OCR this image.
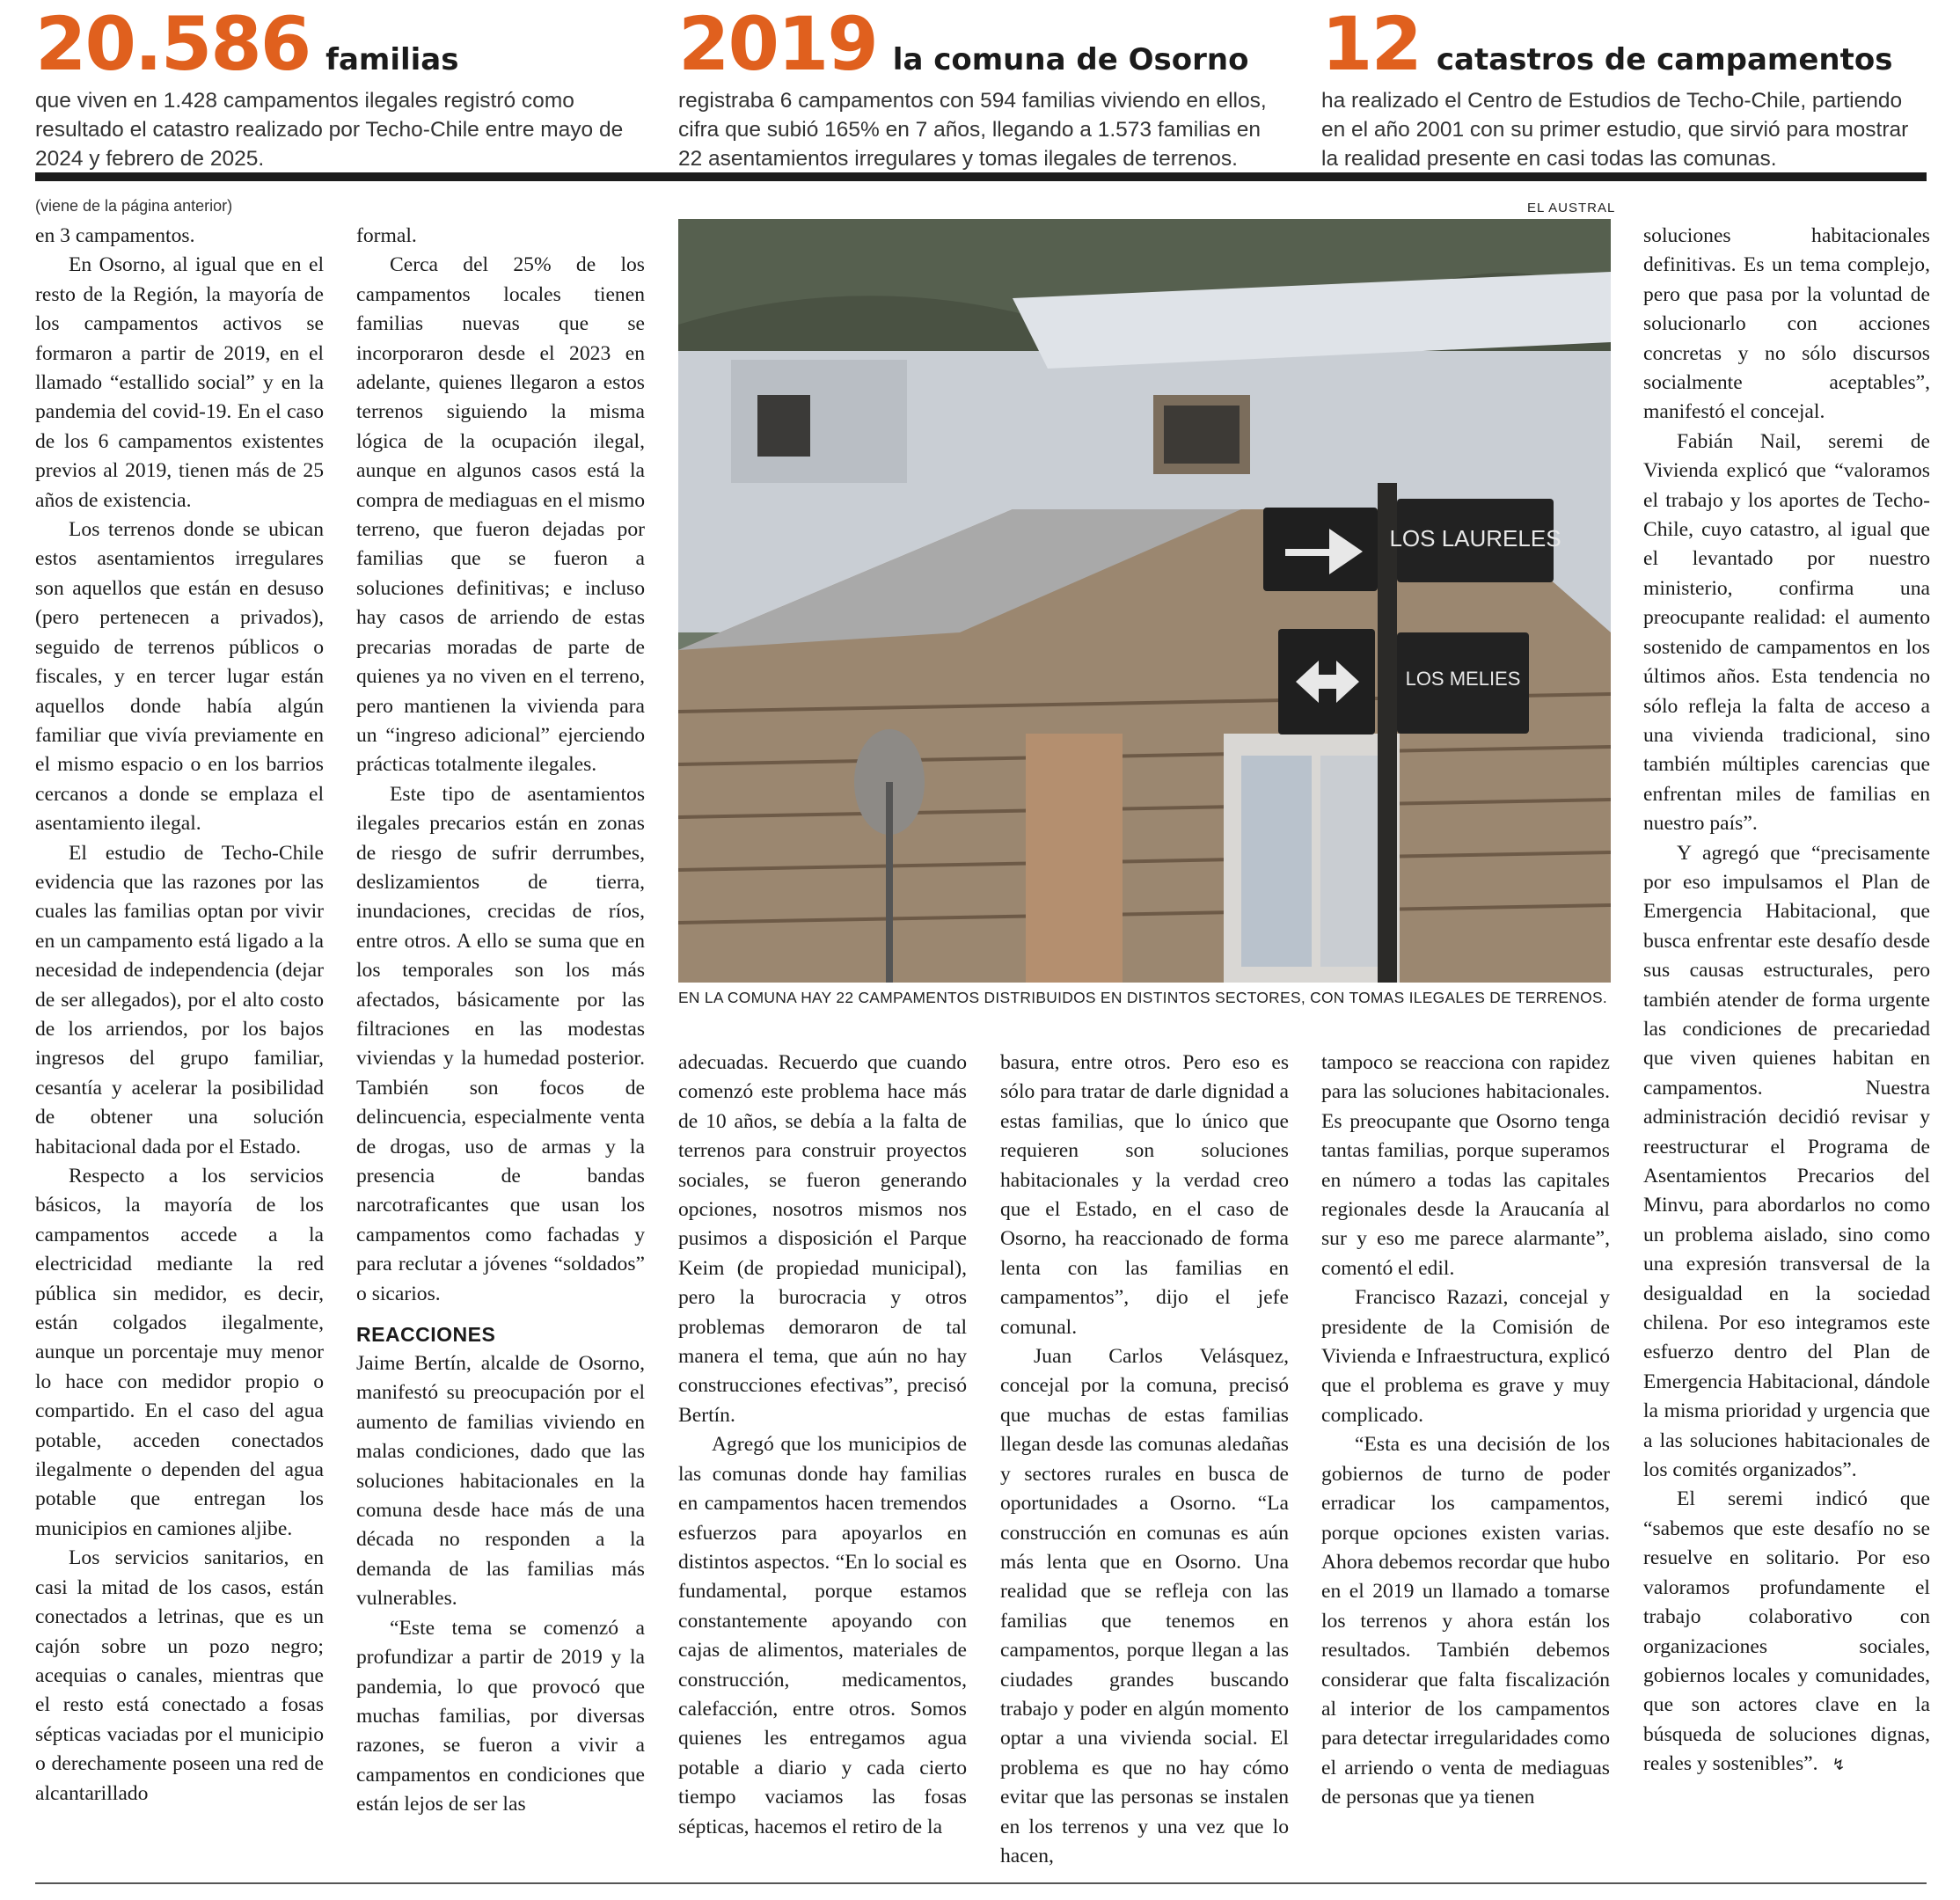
20.586 familias
que viven en 1.428 campamentos ilegales registró como resultado el catastro realizado por Techo-Chile entre mayo de 2024 y febrero de 2025.
2019 la comuna de Osorno
registraba 6 campamentos con 594 familias viviendo en ellos, cifra que subió 165% en 7 años, llegando a 1.573 familias en 22 asentamientos irregulares y tomas ilegales de terrenos.
12 catastros de campamentos
ha realizado el Centro de Estudios de Techo-Chile, partiendo en el año 2001 con su primer estudio, que sirvió para mostrar la realidad presente en casi todas las comunas.
(viene de la página anterior)	EL AUSTRAL

en 3 campamentos.

En Osorno, al igual que en el resto de la Región, la mayoría de los campamentos activos se formaron a partir de 2019, en el llamado “estallido social” y en la pandemia del covid-19. En el caso de los 6 campamentos existentes previos al 2019, tienen más de 25 años de existencia.

Los terrenos donde se ubican estos asentamientos irregulares son aquellos que están en desuso (pero pertenecen a privados), seguido de terrenos públicos o fiscales, y en tercer lugar están aquellos donde había algún familiar que vivía previamente en el mismo espacio o en los barrios cercanos a donde se emplaza el asentamiento ilegal.

El estudio de Techo-Chile evidencia que las razones por las cuales las familias optan por vivir en un campamento está ligado a la necesidad de independencia (dejar de ser allegados), por el alto costo de los arriendos, por los bajos ingresos del grupo familiar, cesantía y acelerar la posibilidad de obtener una solución habitacional dada por el Estado.

Respecto a los servicios básicos, la mayoría de los campamentos accede a la electricidad mediante la red pública sin medidor, es decir, están colgados ilegalmente, aunque un porcentaje muy menor lo hace con medidor propio o compartido. En el caso del agua potable, acceden conectados ilegalmente o dependen del agua potable que entregan los municipios en camiones aljibe.

Los servicios sanitarios, en casi la mitad de los casos, están conectados a letrinas, que es un cajón sobre un pozo negro; acequias o canales, mientras que el resto está conectado a fosas sépticas vaciadas por el municipio o derechamente poseen una red de alcantarillado

formal.

Cerca del 25% de los campamentos locales tienen familias nuevas que se incorporaron desde el 2023 en adelante, quienes llegaron a estos terrenos siguiendo la misma lógica de la ocupación ilegal, aunque en algunos casos está la compra de mediaguas en el mismo terreno, que fueron dejadas por familias que se fueron a soluciones definitivas; e incluso hay casos de arriendo de estas precarias moradas de parte de quienes ya no viven en el terreno, pero mantienen la vivienda para un “ingreso adicional” ejerciendo prácticas totalmente ilegales.

Este tipo de asentamientos ilegales precarios están en zonas de riesgo de sufrir derrumbes, deslizamientos de tierra, inundaciones, crecidas de ríos, entre otros. A ello se suma que en los temporales son los más afectados, básicamente por las filtraciones en las modestas viviendas y la humedad posterior. También son focos de delincuencia, especialmente venta de drogas, uso de armas y la presencia de bandas narcotraficantes que usan los campamentos como fachadas y para reclutar a jóvenes “soldados” o sicarios.

REACCIONES

Jaime Bertín, alcalde de Osorno, manifestó su preocupación por el aumento de familias viviendo en malas condiciones, dado que las soluciones habitacionales en la comuna desde hace más de una década no responden a la demanda de las familias más vulnerables.

“Este tema se comenzó a profundizar a partir de 2019 y la pandemia, lo que provocó que muchas familias, por diversas razones, se fueron a vivir a campamentos en condiciones que están lejos de ser las

LOS LAURELES
LOS MELIES
EN LA COMUNA HAY 22 CAMPAMENTOS DISTRIBUIDOS EN DISTINTOS SECTORES, CON TOMAS ILEGALES DE TERRENOS.

adecuadas. Recuerdo que cuando comenzó este problema hace más de 10 años, se debía a la falta de terrenos para construir proyectos sociales, se fueron generando opciones, nosotros mismos nos pusimos a disposición el Parque Keim (de propiedad municipal), pero la burocracia y otros problemas demoraron de tal manera el tema, que aún no hay construcciones efectivas”, precisó Bertín.

Agregó que los municipios de las comunas donde hay familias en campamentos hacen tremendos esfuerzos para apoyarlos en distintos aspectos. “En lo social es fundamental, porque estamos constantemente apoyando con cajas de alimentos, materiales de construcción, medicamentos, calefacción, entre otros. Somos quienes les entregamos agua potable a diario y cada cierto tiempo vaciamos las fosas sépticas, hacemos el retiro de la

basura, entre otros. Pero eso es sólo para tratar de darle dignidad a estas familias, que lo único que requieren son soluciones habitacionales y la verdad creo que el Estado, en el caso de Osorno, ha reaccionado de forma lenta con las familias en campamentos”, dijo el jefe comunal.

Juan Carlos Velásquez, concejal por la comuna, precisó que muchas de estas familias llegan desde las comunas aledañas y sectores rurales en busca de oportunidades a Osorno. “La construcción en comunas es aún más lenta que en Osorno. Una realidad que se refleja con las familias que tenemos en campamentos, porque llegan a las ciudades grandes buscando trabajo y poder en algún momento optar a una vivienda social. El problema es que no hay cómo evitar que las personas se instalen en los terrenos y una vez que lo hacen,

tampoco se reacciona con rapidez para las soluciones habitacionales. Es preocupante que Osorno tenga tantas familias, porque superamos en número a todas las capitales regionales desde la Araucanía al sur y eso me parece alarmante”, comentó el edil.

Francisco Razazi, concejal y presidente de la Comisión de Vivienda e Infraestructura, explicó que el problema es grave y muy complicado.

“Esta es una decisión de los gobiernos de turno de poder erradicar los campamentos, porque opciones existen varias. Ahora debemos recordar que hubo en el 2019 un llamado a tomarse los terrenos y ahora están los resultados. También debemos considerar que falta fiscalización al interior de los campamentos para detectar irregularidades como el arriendo o venta de mediaguas de personas que ya tienen

soluciones habitacionales definitivas. Es un tema complejo, pero que pasa por la voluntad de solucionarlo con acciones concretas y no sólo discursos socialmente aceptables”, manifestó el concejal.

Fabián Nail, seremi de Vivienda explicó que “valoramos el trabajo y los aportes de Techo-Chile, cuyo catastro, al igual que el levantado por nuestro ministerio, confirma una preocupante realidad: el aumento sostenido de campamentos en los últimos años. Esta tendencia no sólo refleja la falta de acceso a una vivienda tradicional, sino también múltiples carencias que enfrentan miles de familias en nuestro país”.

Y agregó que “precisamente por eso impulsamos el Plan de Emergencia Habitacional, que busca enfrentar este desafío desde sus causas estructurales, pero también atender de forma urgente las condiciones de precariedad que viven quienes habitan en campamentos. Nuestra administración decidió revisar y reestructurar el Programa de Asentamientos Precarios del Minvu, para abordarlos no como un problema aislado, sino como una expresión transversal de la desigualdad en la sociedad chilena. Por eso integramos este esfuerzo dentro del Plan de Emergencia Habitacional, dándole la misma prioridad y urgencia que a las soluciones habitacionales de los comités organizados”.

El seremi indicó que “sabemos que este desafío no se resuelve en solitario. Por eso valoramos profundamente el trabajo colaborativo con organizaciones sociales, gobiernos locales y comunidades, que son actores clave en la búsqueda de soluciones dignas, reales y sostenibles”. ↯
